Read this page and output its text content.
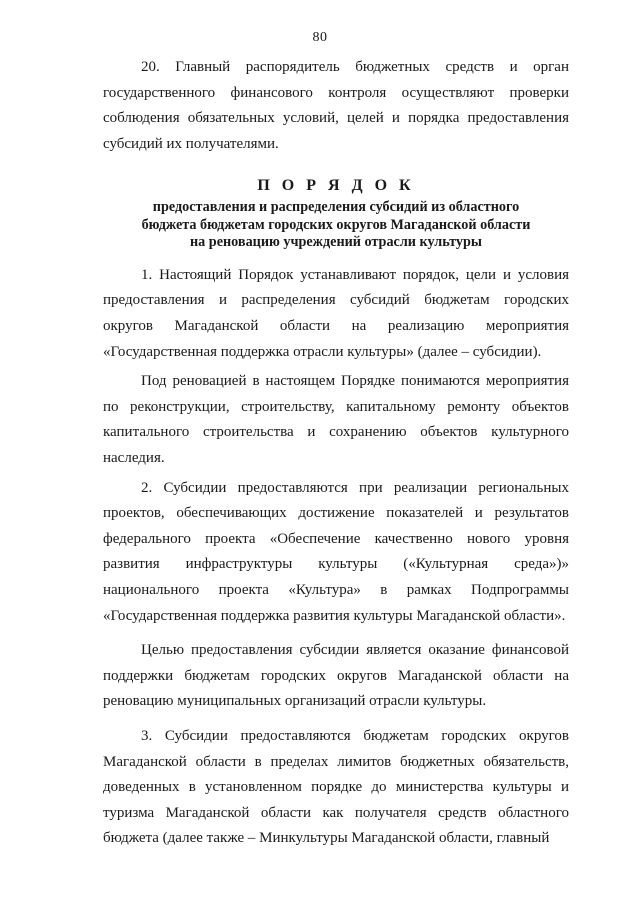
80

20. Главный распорядитель бюджетных средств и орган государственного финансового контроля осуществляют проверки соблюдения обязательных условий, целей и порядка предоставления субсидий их получателями.

П О Р Я Д О К
предоставления и распределения субсидий из областного
бюджета бюджетам городских округов Магаданской области
на реновацию учреждений отрасли культуры

1. Настоящий Порядок устанавливают порядок, цели и условия предоставления и распределения субсидий бюджетам городских округов Магаданской области на реализацию мероприятия «Государственная поддержка отрасли культуры» (далее – субсидии).

Под реновацией в настоящем Порядке понимаются мероприятия по реконструкции, строительству, капитальному ремонту объектов капитального строительства и сохранению объектов культурного наследия.

2. Субсидии предоставляются при реализации региональных проектов, обеспечивающих достижение показателей и результатов федерального проекта «Обеспечение качественно нового уровня развития инфраструктуры культуры («Культурная среда»)» национального проекта «Культура» в рамках Подпрограммы «Государственная поддержка развития культуры Магаданской области».

Целью предоставления субсидии является оказание финансовой поддержки бюджетам городских округов Магаданской области на реновацию муниципальных организаций отрасли культуры.

3. Субсидии предоставляются бюджетам городских округов Магаданской области в пределах лимитов бюджетных обязательств, доведенных в установленном порядке до министерства культуры и туризма Магаданской области как получателя средств областного бюджета (далее также – Минкультуры Магаданской области, главный
